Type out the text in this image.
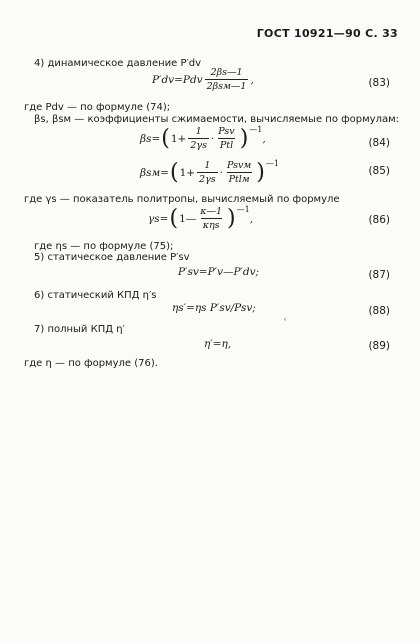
ГОСТ 10921—90 С. 33
4) динамическое давление P′dv
$P'dv=Pdv \frac{2\beta s—1}{\text{2βsм—1}}$ ,	(83)
где Pdv — по формуле (74);
βs, βsм — коэффициенты сжимаемости, вычисляемые по формулам:
βs= ( $1+ \frac{1}{2\gamma s} \cdot \frac{\text{Psv}}{\text{Ptl}}$ ) —1
,	(84)
βsм= ( $1+ \frac{1}{2\gamma s} \cdot \frac{\text{Psvм}}{\text{Ptlм}}$ ) —1
(85)
где γs — показатель политропы, вычисляемый по формуле
γs= ( 1— $\frac{\kappa—1}{\text{κηs}}$ ) —1
,	(86)
где ηs — по формуле (75);
5) статическое давление P′sv
P′sv=P′v—P′dv;	(87)
6) статический КПД η′s
ηs′=ηs P′sv/Psv;	(88)
ʿ
7) полный КПД η′
η′=η,	(89)
где η — по формуле (76).
